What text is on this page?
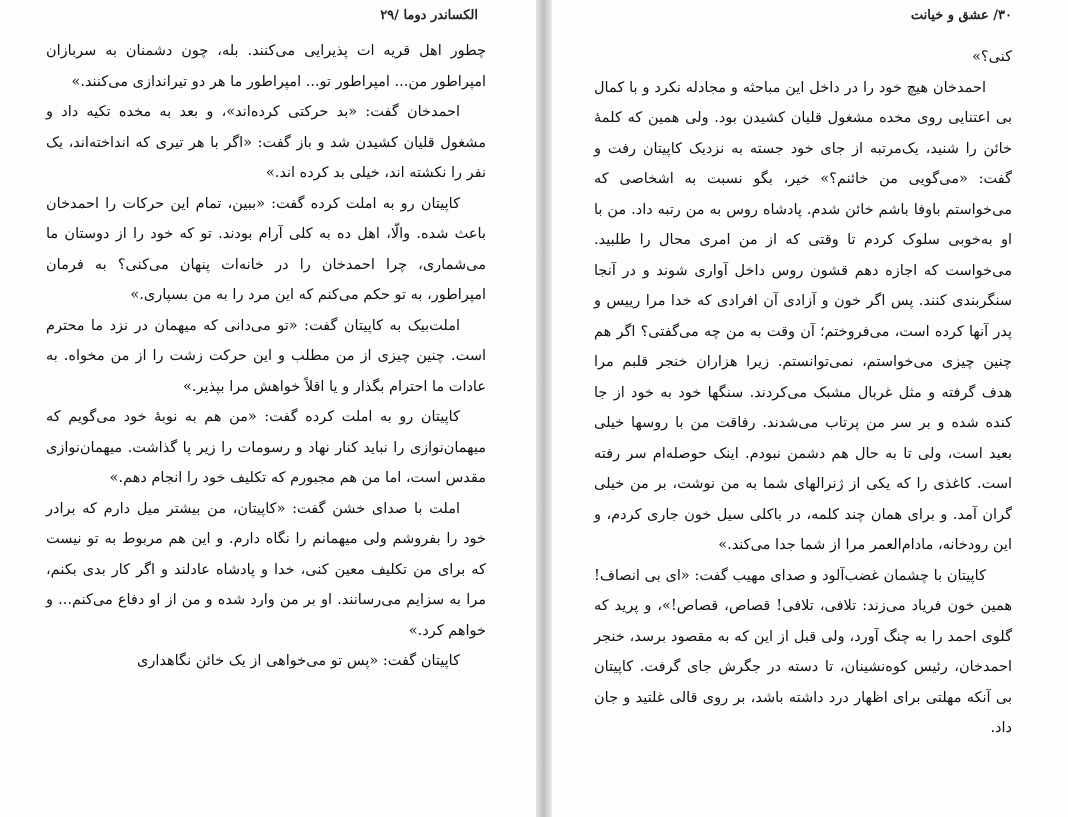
الکساندر دوما /۲۹

چطور اهل قریه ات پذیرایی می‌کنند. بله، چون دشمنان به سربازان امپراطور من... امپراطور تو... امپراطور ما هر دو تیراندازی می‌کنند.»

احمدخان گفت: «بد حرکتی کرده‌اند»، و بعد به مخده تکیه داد و مشغول قلیان کشیدن شد و باز گفت: «اگر با هر تیری که انداخته‌اند، یک نفر را نکشته اند، خیلی بد کرده اند.»

کاپیتان رو به املت کرده گفت: «ببین، تمام این حرکات را احمدخان باعث شده. والّا، اهل ده به کلی آرام بودند. تو که خود را از دوستان ما می‌شماری، چرا احمدخان را در خانه‌ات پنهان می‌کنی؟ به فرمان امپراطور، به تو حکم می‌کنم که این مرد را به من بسپاری.»

املت‌بیک به کاپیتان گفت: «تو می‌دانی که میهمان در نزد ما محترم است. چنین چیزی از من مطلب و این حرکت زشت را از من مخواه. به عادات ما احترام بگذار و یا اقلاً خواهش مرا بپذیر.»

کاپیتان رو به املت کرده گفت: «من هم به نوبهٔ خود می‌گویم که میهمان‌نوازی را نباید کنار نهاد و رسومات را زیر پا گذاشت. میهمان‌نوازی مقدس است، اما من هم مجبورم که تکلیف خود را انجام دهم.»

املت با صدای خشن گفت: «کاپیتان، من بیشتر میل دارم که برادر خود را بفروشم ولی میهمانم را نگاه دارم. و این هم مربوط به تو نیست که برای من تکلیف معین کنی، خدا و پادشاه عادلند و اگر کار بدی بکنم، مرا به سزایم می‌رسانند. او بر من وارد شده و من از او دفاع می‌کنم... و خواهم کرد.»

کاپیتان گفت: «پس تو می‌خواهی از یک خائن نگاهداری

۳۰/ عشق و خیانت

کنی؟»

احمدخان هیچ خود را در داخل این مباحثه و مجادله نکرد و با کمال بی اعتنایی روی مخده مشغول قلیان کشیدن بود. ولی همین که کلمهٔ خائن را شنید، یک‌مرتبه از جای خود جسته به نزدیک کاپیتان رفت و گفت: «می‌گویی من خائنم؟» خیر، بگو نسبت به اشخاصی که می‌خواستم باوفا باشم خائن شدم. پادشاه روس به من رتبه داد. من با او به‌خوبی سلوک کردم تا وقتی که از من امری محال را طلبید. می‌خواست که اجازه دهم قشون روس داخل آواری شوند و در آنجا سنگربندی کنند. پس اگر خون و آزادی آن افرادی که خدا مرا رییس و پدر آنها کرده است، می‌فروختم؛ آن وقت به من چه می‌گفتی؟ اگر هم چنین چیزی می‌خواستم، نمی‌توانستم. زیرا هزاران خنجر قلبم مرا هدف گرفته و مثل غربال مشبک می‌کردند. سنگها خود به خود از جا کنده شده و بر سر من پرتاب می‌شدند. رفاقت من با روسها خیلی بعید است، ولی تا به حال هم دشمن نبودم. اینک حوصله‌ام سر رفته است. کاغذی را که یکی از ژنرالهای شما به من نوشت، بر من خیلی گران آمد. و برای همان چند کلمه، در باکلی سیل خون جاری کردم، و این رودخانه، مادام‌العمر مرا از شما جدا می‌کند.»

کاپیتان با چشمان غضب‌آلود و صدای مهیب گفت: «ای بی انصاف! همین خون فریاد می‌زند: تلافی، تلافی! قصاص، قصاص!»، و پرید که گلوی احمد را به چنگ آورد، ولی قبل از این که به مقصود برسد، خنجر احمدخان، رئیس کوه‌نشینان، تا دسته در جگرش جای گرفت. کاپیتان بی آنکه مهلتی برای اظهار درد داشته باشد، بر روی قالی غلتید و جان داد.
